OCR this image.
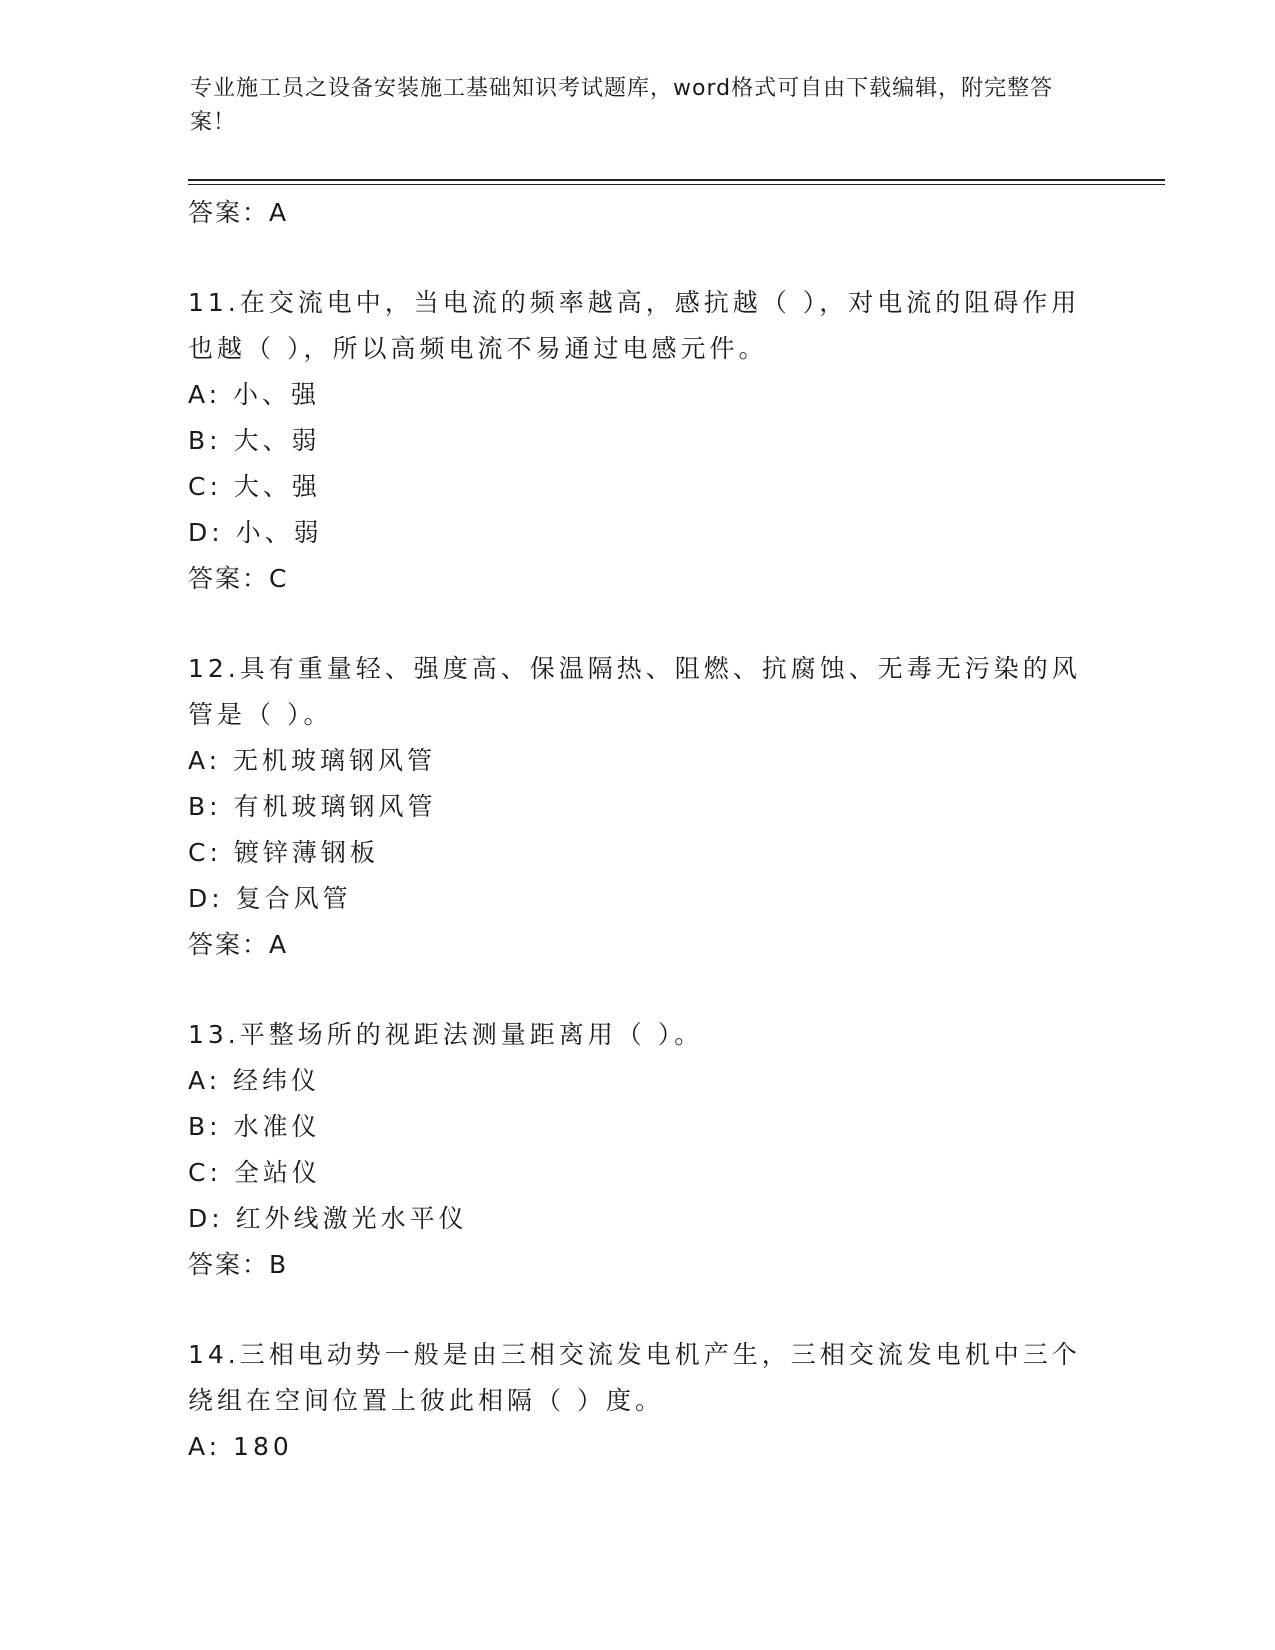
专业施工员之设备安装施工基础知识考试题库，word格式可自由下载编辑，附完整答案！

答案：A

11.在交流电中，当电流的频率越高，感抗越（ ），对电流的阻碍作用也越（ ），所以高频电流不易通过电感元件。

A: 小、强

B: 大、弱

C: 大、强

D: 小、弱

答案：C

12.具有重量轻、强度高、保温隔热、阻燃、抗腐蚀、无毒无污染的风管是（ ）。

A: 无机玻璃钢风管

B: 有机玻璃钢风管

C: 镀锌薄钢板

D: 复合风管

答案：A

13.平整场所的视距法测量距离用（ ）。

A: 经纬仪

B: 水准仪

C: 全站仪

D: 红外线激光水平仪

答案：B

14.三相电动势一般是由三相交流发电机产生，三相交流发电机中三个绕组在空间位置上彼此相隔（ ）度。

A: 180
